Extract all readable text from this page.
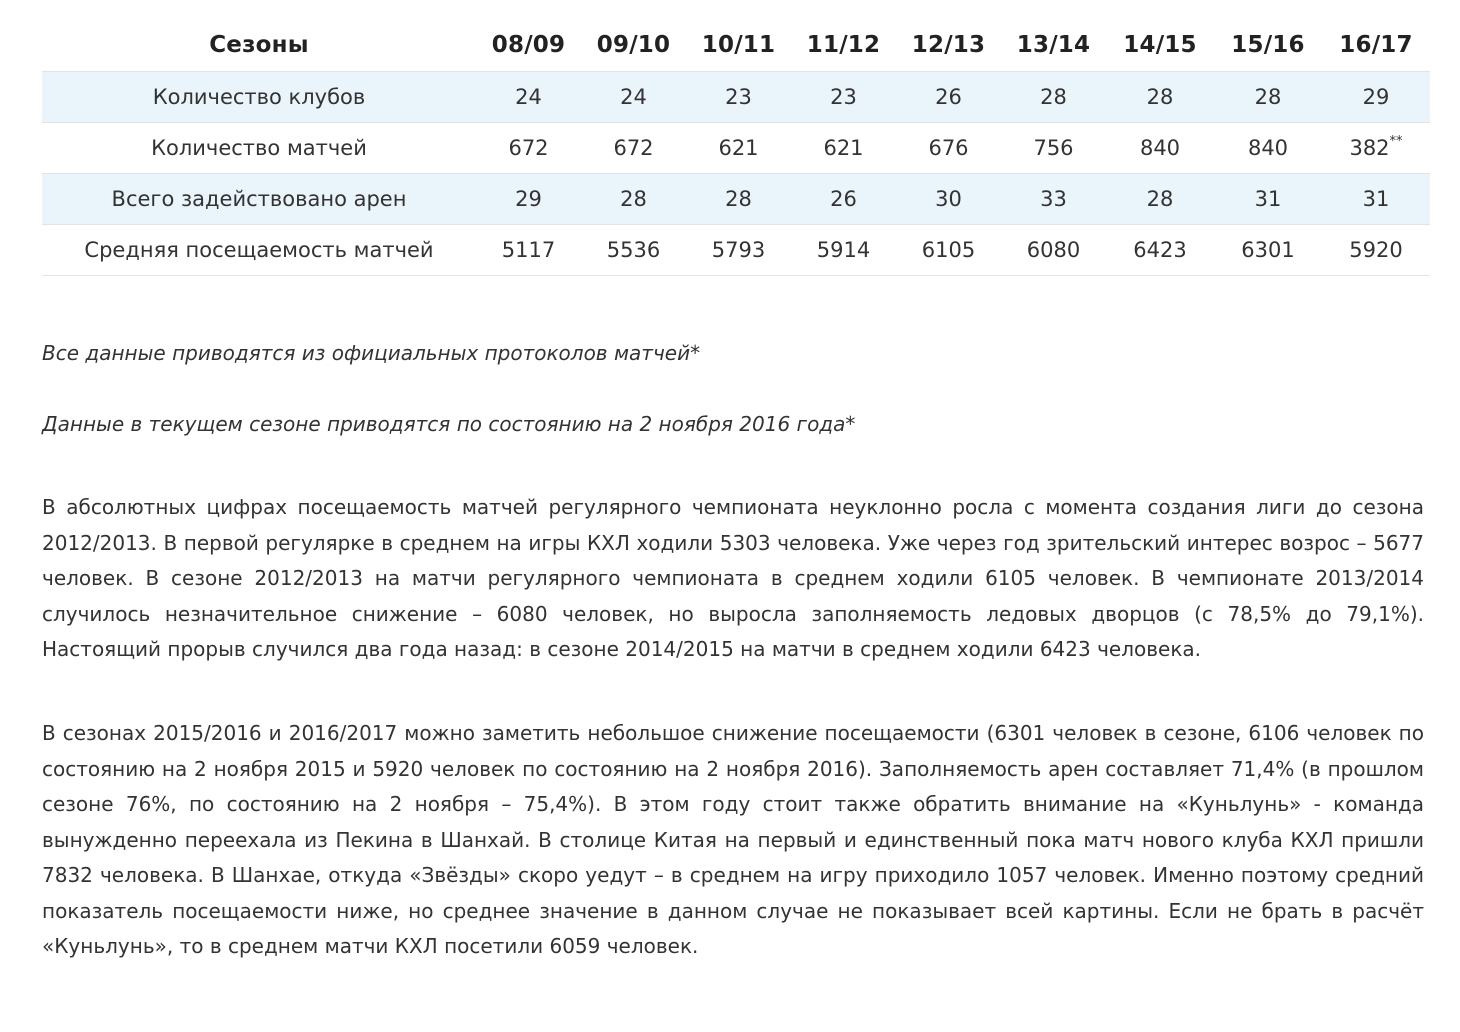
Сезоны	08/09	09/10	10/11	11/12	12/13	13/14	14/15	15/16	16/17
Количество клубов	24	24	23	23	26	28	28	28	29
Количество матчей	672	672	621	621	676	756	840	840	382**
Всего задействовано арен	29	28	28	26	30	33	28	31	31
Средняя посещаемость матчей	5117	5536	5793	5914	6105	6080	6423	6301	5920
Все данные приводятся из официальных протоколов матчей*
Данные в текущем сезоне приводятся по состоянию на 2 ноября 2016 года*

В абсолютных цифрах посещаемость матчей регулярного чемпионата неуклонно росла с момента создания лиги до сезона 2012/2013. В первой регулярке в среднем на игры КХЛ ходили 5303 человека. Уже через год зрительский интерес возрос – 5677 человек. В сезоне 2012/2013 на матчи регулярного чемпионата в среднем ходили 6105 человек. В чемпионате 2013/2014 случилось незначительное снижение – 6080 человек, но выросла заполняемость ледовых дворцов (с 78,5% до 79,1%). Настоящий прорыв случился два года назад: в сезоне 2014/2015 на матчи в среднем ходили 6423 человека.

В сезонах 2015/2016 и 2016/2017 можно заметить небольшое снижение посещаемости (6301 человек в сезоне, 6106 человек по состоянию на 2 ноября 2015 и 5920 человек по состоянию на 2 ноября 2016). Заполняемость арен составляет 71,4% (в прошлом сезоне 76%, по состоянию на 2 ноября – 75,4%). В этом году стоит также обратить внимание на «Куньлунь» - команда вынужденно переехала из Пекина в Шанхай. В столице Китая на первый и единственный пока матч нового клуба КХЛ пришли 7832 человека. В Шанхае, откуда «Звёзды» скоро уедут – в среднем на игру приходило 1057 человек. Именно поэтому средний показатель посещаемости ниже, но среднее значение в данном случае не показывает всей картины. Если не брать в расчёт «Куньлунь», то в среднем матчи КХЛ посетили 6059 человек.
